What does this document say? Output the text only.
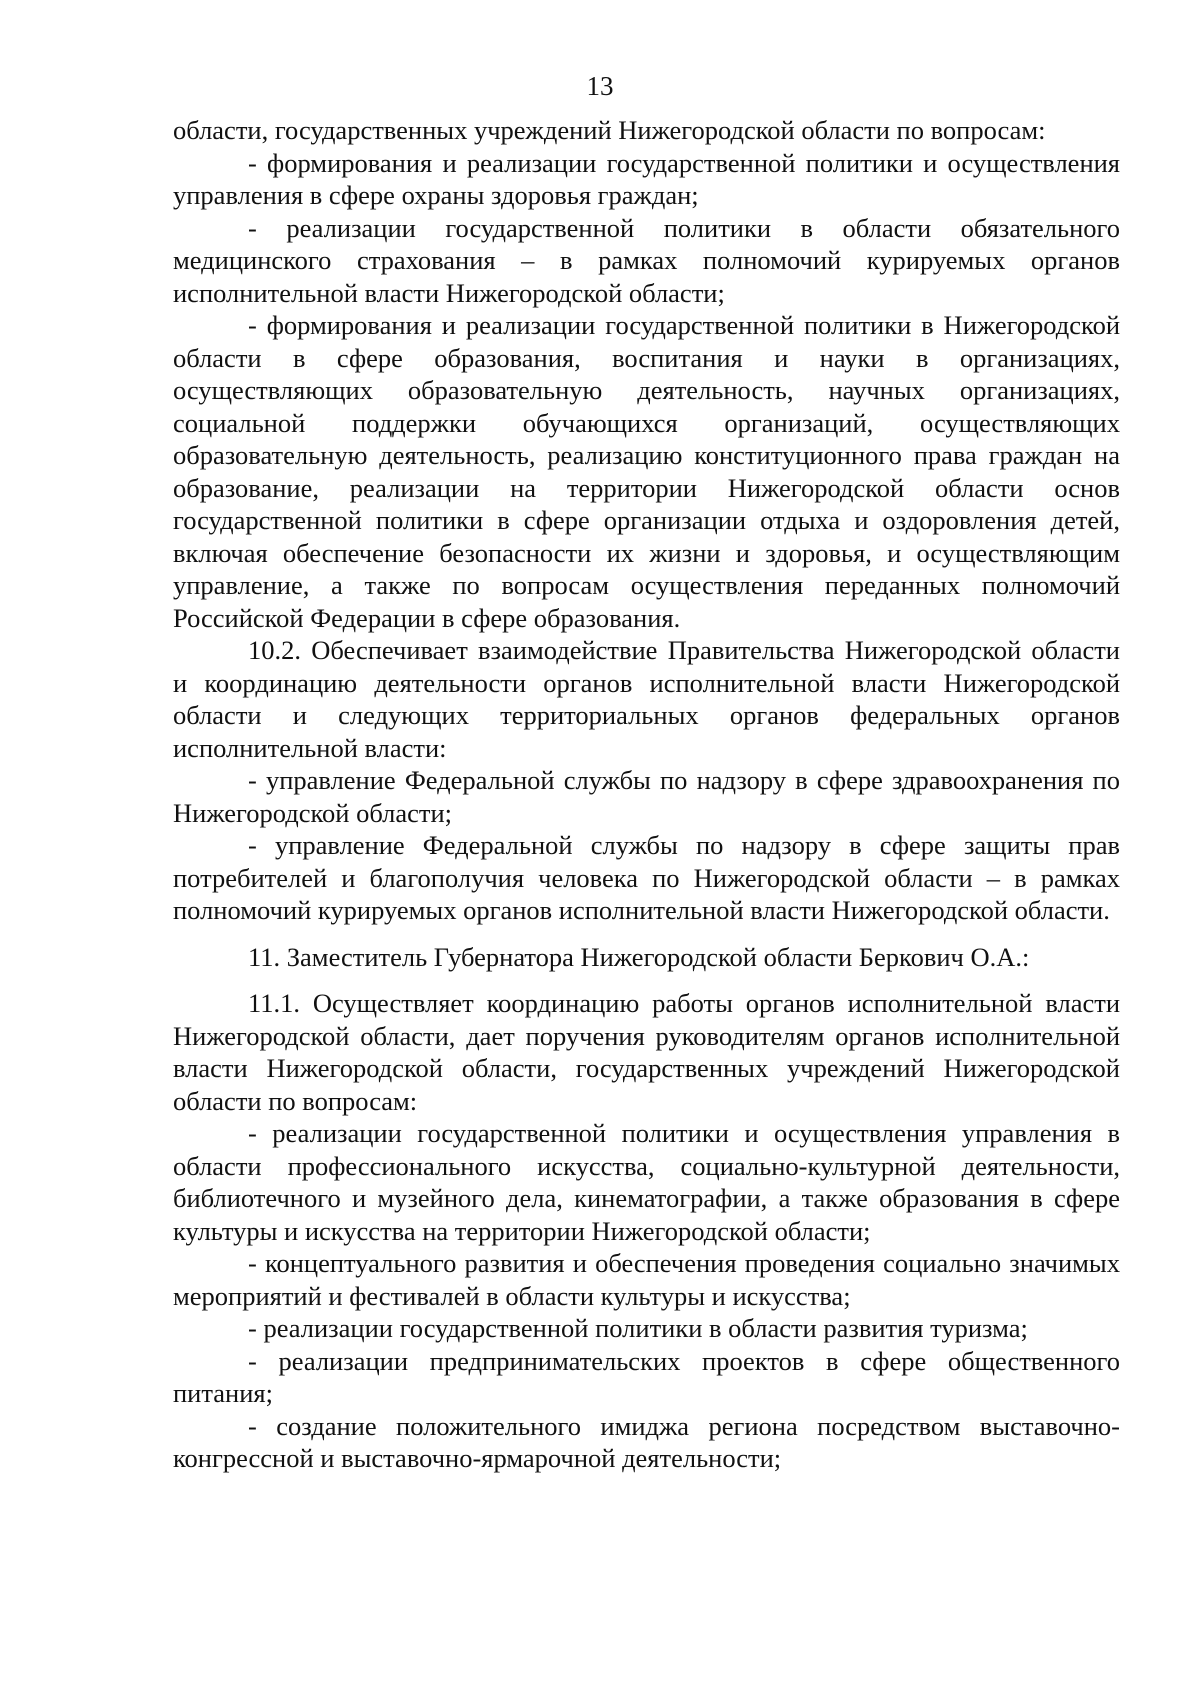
13

области, государственных учреждений Нижегородской области по вопросам:

- формирования и реализации государственной политики и осуществления управления в сфере охраны здоровья граждан;

- реализации государственной политики в области обязательного медицинского страхования – в рамках полномочий курируемых органов исполнительной власти Нижегородской области;

- формирования и реализации государственной политики в Нижегородской области в сфере образования, воспитания и науки в организациях, осуществляющих образовательную деятельность, научных организациях, социальной поддержки обучающихся организаций, осуществляющих образовательную деятельность, реализацию конституционного права граждан на образование, реализации на территории Нижегородской области основ государственной политики в сфере организации отдыха и оздоровления детей, включая обеспечение безопасности их жизни и здоровья, и осуществляющим управление, а также по вопросам осуществления переданных полномочий Российской Федерации в сфере образования.

10.2. Обеспечивает взаимодействие Правительства Нижегородской области и координацию деятельности органов исполнительной власти Нижегородской области и следующих территориальных органов федеральных органов исполнительной власти:

- управление Федеральной службы по надзору в сфере здравоохранения по Нижегородской области;

- управление Федеральной службы по надзору в сфере защиты прав потребителей и благополучия человека по Нижегородской области – в рамках полномочий курируемых органов исполнительной власти Нижегородской области.

11. Заместитель Губернатора Нижегородской области Беркович О.А.:

11.1. Осуществляет координацию работы органов исполнительной власти Нижегородской области, дает поручения руководителям органов исполнительной власти Нижегородской области, государственных учреждений Нижегородской области по вопросам:

- реализации государственной политики и осуществления управления в области профессионального искусства, социально-культурной деятельности, библиотечного и музейного дела, кинематографии, а также образования в сфере культуры и искусства на территории Нижегородской области;

- концептуального развития и обеспечения проведения социально значимых мероприятий и фестивалей в области культуры и искусства;

- реализации государственной политики в области развития туризма;

- реализации предпринимательских проектов в сфере общественного питания;

- создание положительного имиджа региона посредством выставочно-конгрессной и выставочно-ярмарочной деятельности;
